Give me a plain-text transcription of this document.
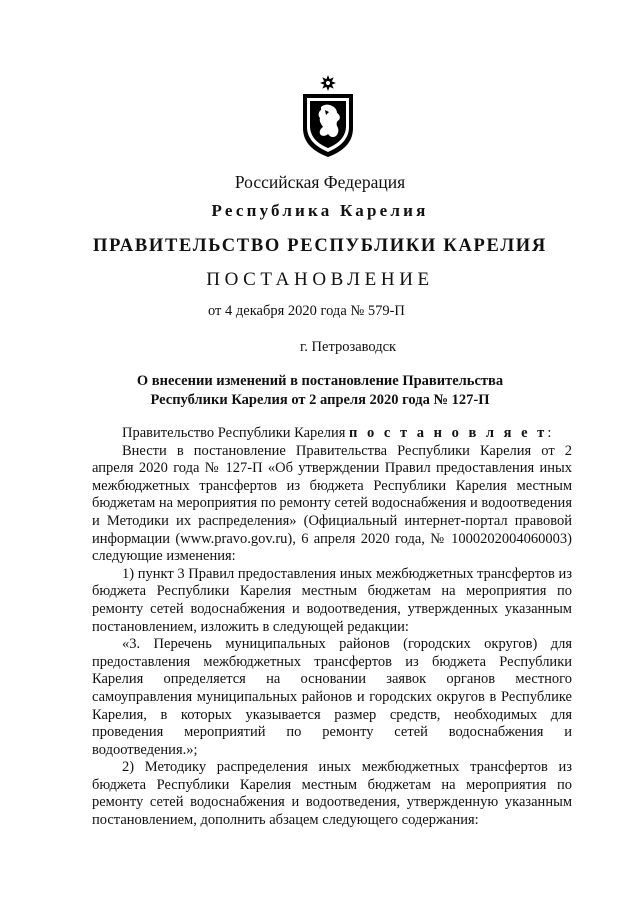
Российская Федерация
Республика Карелия
ПРАВИТЕЛЬСТВО РЕСПУБЛИКИ КАРЕЛИЯ
ПОСТАНОВЛЕНИЕ
от 4 декабря 2020 года № 579-П
г. Петрозаводск
О внесении изменений в постановление Правительства
Республики Карелия от 2 апреля 2020 года № 127-П

Правительство Республики Карелия п о с т а н о в л я е т:

Внести в постановление Правительства Республики Карелия от 2 апреля 2020 года № 127-П «Об утверждении Правил предоставления иных межбюджетных трансфертов из бюджета Республики Карелия местным бюджетам на мероприятия по ремонту сетей водоснабжения и водоотведения и Методики их распределения» (Официальный интернет-портал правовой информации (www.pravo.gov.ru), 6 апреля 2020 года, № 1000202004060003) следующие изменения:

1) пункт 3 Правил предоставления иных межбюджетных трансфертов из бюджета Республики Карелия местным бюджетам на мероприятия по ремонту сетей водоснабжения и водоотведения, утвержденных указанным постановлением, изложить в следующей редакции:

«3. Перечень муниципальных районов (городских округов) для предоставления межбюджетных трансфертов из бюджета Республики Карелия определяется на основании заявок органов местного самоуправления муниципальных районов и городских округов в Республике Карелия, в которых указывается размер средств, необходимых для проведения мероприятий по ремонту сетей водоснабжения и водоотведения.»;

2) Методику распределения иных межбюджетных трансфертов из бюджета Республики Карелия местным бюджетам на мероприятия по ремонту сетей водоснабжения и водоотведения, утвержденную указанным постановлением, дополнить абзацем следующего содержания:
